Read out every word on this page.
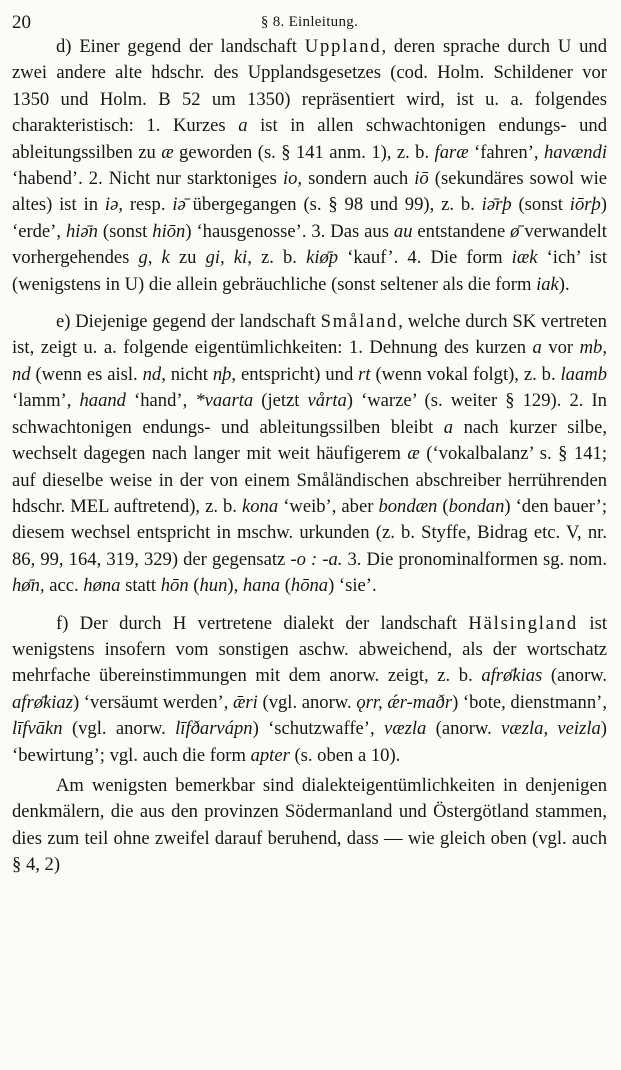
20	§ 8. Einleitung.

d) Einer gegend der landschaft Uppland, deren sprache durch U und zwei andere alte hdschr. des Upplandsgesetzes (cod. Holm. Schildener vor 1350 und Holm. B 52 um 1350) repräsentiert wird, ist u. a. folgendes charakteristisch: 1. Kurzes a ist in allen schwachtonigen endungs- und ableitungssilben zu æ geworden (s. § 141 anm. 1), z. b. faræ ‘fahren’, havændi ‘habend’. 2. Nicht nur starktoniges io, sondern auch iō (sekundäres sowol wie altes) ist in iə, resp. iə̄ übergegangen (s. § 98 und 99), z. b. iə̄rþ (sonst iōrþ) ‘erde’, hiə̄n (sonst hiōn) ‘hausgenosse’. 3. Das aus au entstandene ø̄ verwandelt vorhergehendes g, k zu gi, ki, z. b. kiø̄p ‘kauf’. 4. Die form iæk ‘ich’ ist (wenigstens in U) die allein gebräuchliche (sonst seltener als die form iak).

e) Diejenige gegend der landschaft Småland, welche durch SK vertreten ist, zeigt u. a. folgende eigentümlichkeiten: 1. Dehnung des kurzen a vor mb, nd (wenn es aisl. nd, nicht nþ, entspricht) und rt (wenn vokal folgt), z. b. laamb ‘lamm’, haand ‘hand’, *vaarta (jetzt vårta) ‘warze’ (s. weiter § 129). 2. In schwachtonigen endungs- und ableitungssilben bleibt a nach kurzer silbe, wechselt dagegen nach langer mit weit häufigerem æ (‘vokalbalanz’ s. § 141; auf dieselbe weise in der von einem Småländischen abschreiber herrührenden hdschr. MEL auftretend), z. b. kona ‘weib’, aber bondæn (bondan) ‘den bauer’; diesem wechsel entspricht in mschw. urkunden (z. b. Styffe, Bidrag etc. V, nr. 86, 99, 164, 319, 329) der gegensatz -o : -a. 3. Die pronominalformen sg. nom. hø̄n, acc. høna statt hōn (hun), hana (hōna) ‘sie’.

f) Der durch H vertretene dialekt der landschaft Hälsingland ist wenigstens insofern vom sonstigen aschw. abweichend, als der wortschatz mehrfache übereinstimmungen mit dem anorw. zeigt, z. b. afrø̄kias (anorw. afrø̄kiaz) ‘versäumt werden’, ǣri (vgl. anorw. ǫrr, ǽr-maðr) ‘bote, dienstmann’, līfvākn (vgl. anorw. līfðarvápn) ‘schutzwaffe’, væzla (anorw. væzla, veizla) ‘bewirtung’; vgl. auch die form apter (s. oben a 10).

Am wenigsten bemerkbar sind dialekteigentümlichkeiten in denjenigen denkmälern, die aus den provinzen Södermanland und Östergötland stammen, dies zum teil ohne zweifel darauf beruhend, dass — wie gleich oben (vgl. auch § 4, 2)
